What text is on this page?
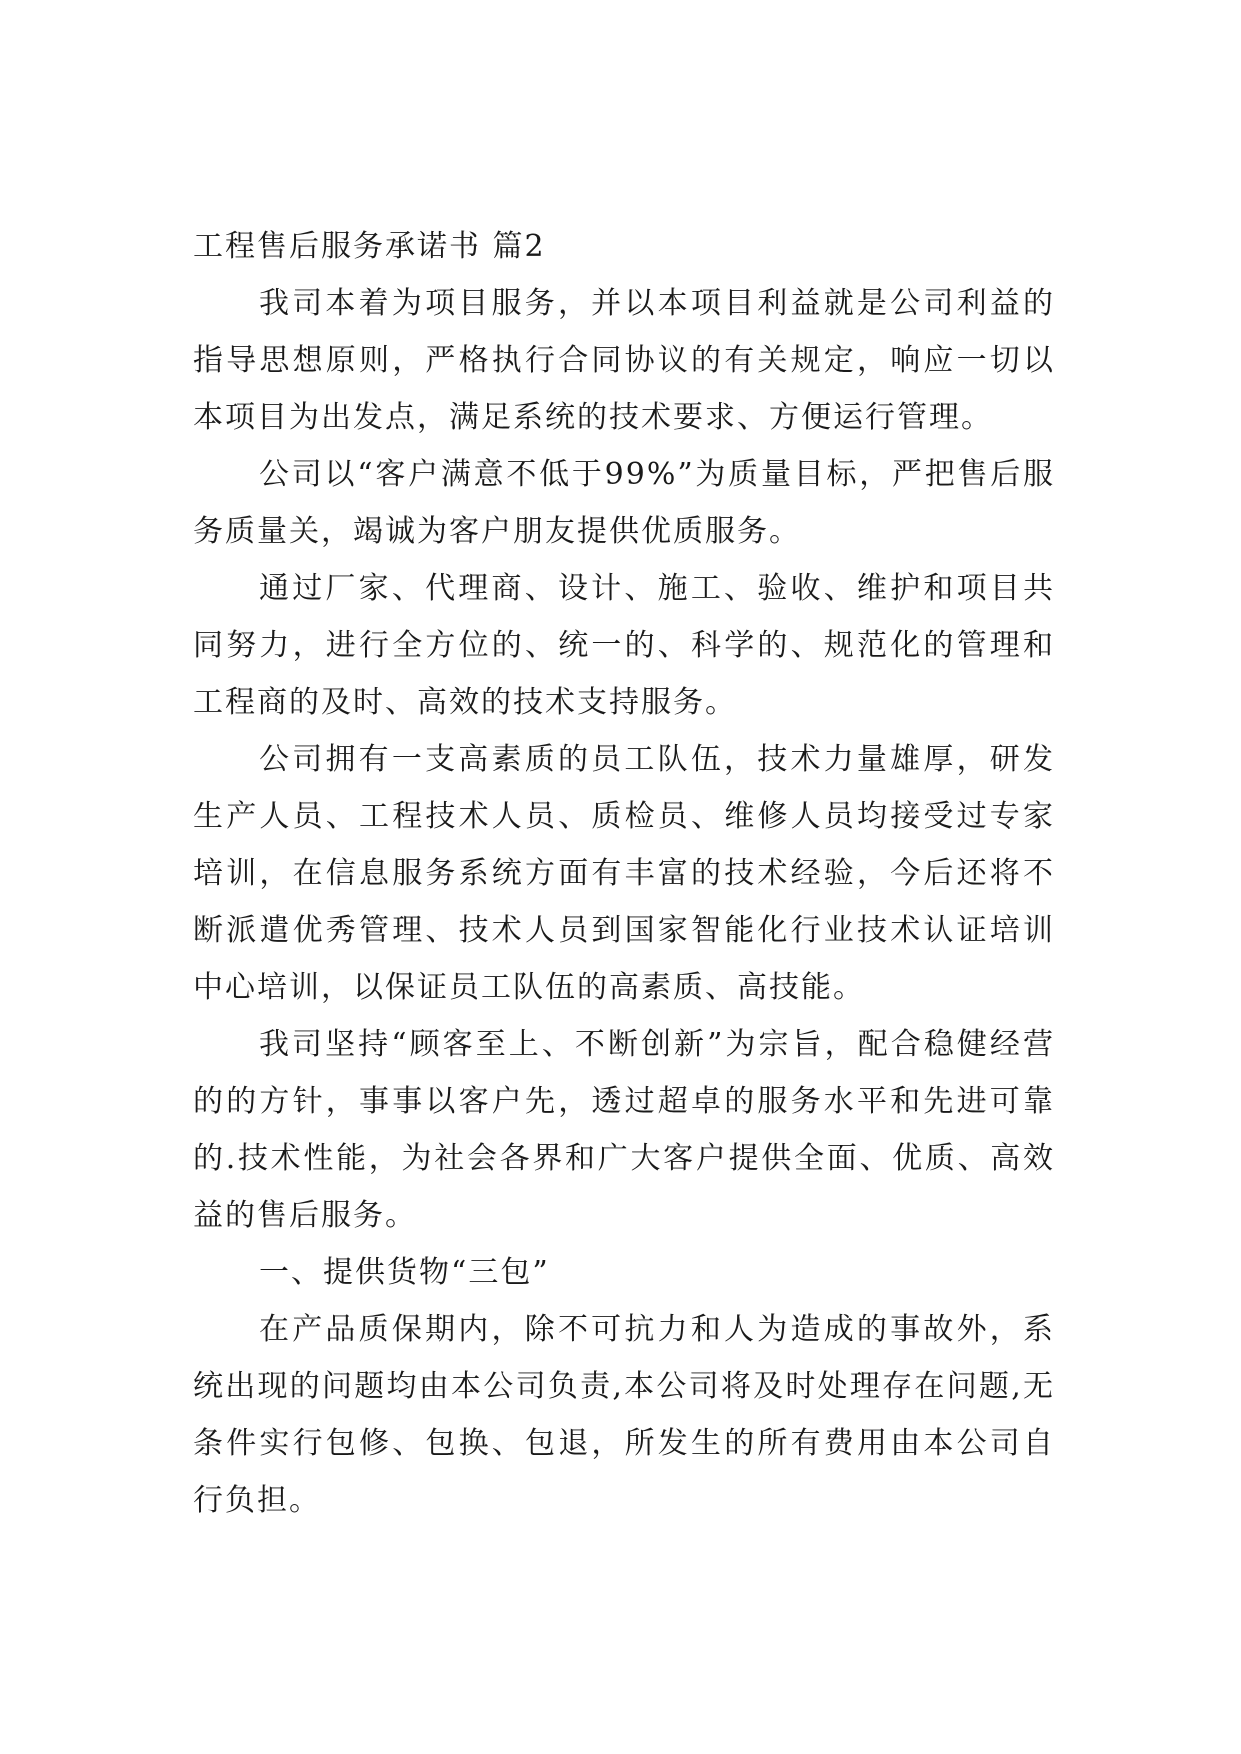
工程售后服务承诺书 篇2

我司本着为项目服务，并以本项目利益就是公司利益的指导思想原则，严格执行合同协议的有关规定，响应一切以本项目为出发点，满足系统的技术要求、方便运行管理。

公司以“客户满意不低于99%”为质量目标，严把售后服务质量关，竭诚为客户朋友提供优质服务。

通过厂家、代理商、设计、施工、验收、维护和项目共同努力，进行全方位的、统一的、科学的、规范化的管理和工程商的及时、高效的技术支持服务。

公司拥有一支高素质的员工队伍，技术力量雄厚，研发生产人员、工程技术人员、质检员、维修人员均接受过专家培训，在信息服务系统方面有丰富的技术经验，今后还将不断派遣优秀管理、技术人员到国家智能化行业技术认证培训中心培训，以保证员工队伍的高素质、高技能。

我司坚持“顾客至上、不断创新”为宗旨，配合稳健经营的的方针，事事以客户先，透过超卓的服务水平和先进可靠的.技术性能，为社会各界和广大客户提供全面、优质、高效益的售后服务。

一、提供货物“三包”

在产品质保期内，除不可抗力和人为造成的事故外，系统出现的问题均由本公司负责,本公司将及时处理存在问题,无条件实行包修、包换、包退，所发生的所有费用由本公司自行负担。
